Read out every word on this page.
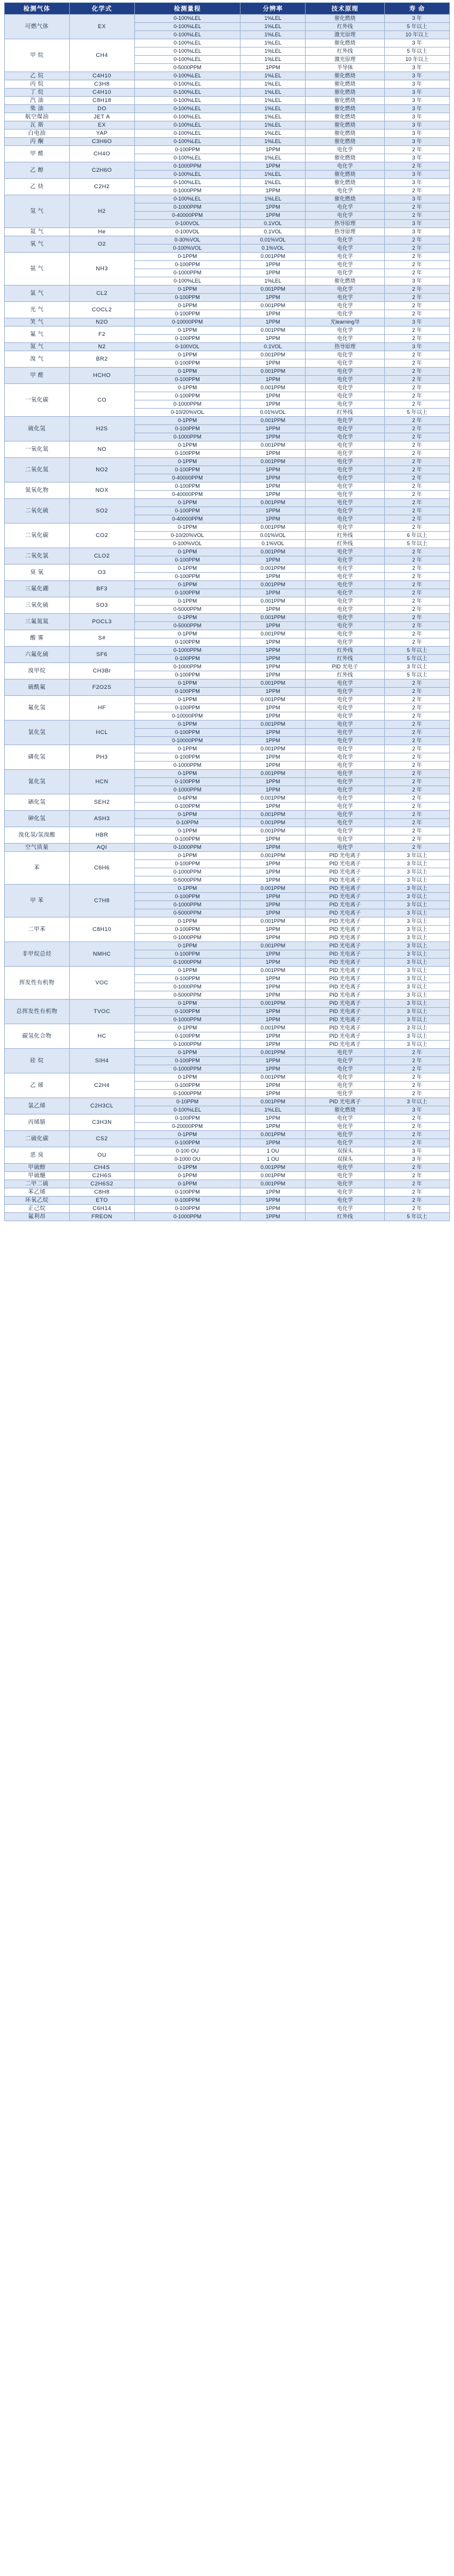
检测气体	化学式	检测量程	分辨率	技术原理	寿 命
可燃气体	EX	0-100%LEL	1%LEL	催化燃烧	3 年
		0-100%LEL	1%LEL	红外线	5 年以上
		0-100%LEL	1%LEL	激光原理	10 年以上
甲 烷	CH4	0-100%LEL	1%LEL	催化燃烧	3 年
		0-100%LEL	1%LEL	红外线	5 年以上
		0-100%LEL	1%LEL	激光原理	10 年以上
		0-5000PPM	1PPM	半导体	3 年
乙 烷	C4H10	0-100%LEL	1%LEL	催化燃烧	3 年
丙 烷	C3H8	0-100%LEL	1%LEL	催化燃烧	3 年
丁 烷	C4H10	0-100%LEL	1%LEL	催化燃烧	3 年
汽 油	C8H18	0-100%LEL	1%LEL	催化燃烧	3 年
柴 油	DO	0-100%LEL	1%LEL	催化燃烧	3 年
航空煤油	JET A	0-100%LEL	1%LEL	催化燃烧	3 年
瓦 斯	EX	0-100%LEL	1%LEL	催化燃烧	3 年
白电油	YAP	0-100%LEL	1%LEL	催化燃烧	3 年
丙 酮	C3H6O	0-100%LEL	1%LEL	催化燃烧	3 年
甲 醛	CH4O	0-100PPM	1PPM	电化学	2 年
		0-100%LEL	1%LEL	催化燃烧	3 年
乙 醇	C2H6O	0-1000PPM	1PPM	电化学	2 年
		0-100%LEL	1%LEL	催化燃烧	3 年
乙 炔	C2H2	0-100%LEL	1%LEL	催化燃烧	3 年
		0-1000PPM	1PPM	电化学	2 年
氢 气	H2	0-100%LEL	1%LEL	催化燃烧	3 年
		0-1000PPM	1PPM	电化学	2 年
		0-40000PPM	1PPM	电化学	2 年
		0-100VOL	0.1VOL	热导原理	3 年
氦 气	He	0-100VOL	0.1VOL	热导原理	3 年
氧 气	O2	0-30%VOL	0.01%VOL	电化学	2 年
		0-100%VOL	0.1%VOL	电化学	2 年
氨 气	NH3	0-1PPM	0.001PPM	电化学	2 年
		0-100PPM	1PPM	电化学	2 年
		0-1000PPM	1PPM	电化学	2 年
		0-100%LEL	1%LEL	催化燃烧	3 年
氯 气	CL2	0-1PPM	0.001PPM	电化学	2 年
		0-100PPM	1PPM	电化学	2 年
光 气	COCL2	0-1PPM	0.001PPM	电化学	2 年
		0-100PPM	1PPM	电化学	2 年
笑 气	N2O	0-10000PPM	1PPM	光learning导	3 年
氟 气	F2	0-1PPM	0.001PPM	电化学	2 年
		0-100PPM	1PPM	电化学	2 年
氮 气	N2	0-100VOL	0.1VOL	热导原理	3 年
溴 气	BR2	0-1PPM	0.001PPM	电化学	2 年
		0-100PPM	1PPM	电化学	2 年
甲 醛	HCHO	0-1PPM	0.001PPM	电化学	2 年
		0-100PPM	1PPM	电化学	2 年
一氧化碳	CO	0-1PPM	0.001PPM	电化学	2 年
		0-100PPM	1PPM	电化学	2 年
		0-1000PPM	1PPM	电化学	2 年
		0-10/20%VOL	0.01%VOL	红外线	5 年以上
硫化氢	H2S	0-1PPM	0.001PPM	电化学	2 年
		0-100PPM	1PPM	电化学	2 年
		0-1000PPM	1PPM	电化学	2 年
一氧化氮	NO	0-1PPM	0.001PPM	电化学	2 年
		0-100PPM	1PPM	电化学	2 年
二氧化氮	NO2	0-1PPM	0.001PPM	电化学	2 年
		0-100PPM	1PPM	电化学	2 年
		0-40000PPM	1PPM	电化学	2 年
氮氧化物	NOX	0-100PPM	1PPM	电化学	2 年
		0-40000PPM	1PPM	电化学	2 年
二氧化硫	SO2	0-1PPM	0.001PPM	电化学	2 年
		0-100PPM	1PPM	电化学	2 年
		0-40000PPM	1PPM	电化学	2 年
二氧化碳	CO2	0-1PPM	0.001PPM	电化学	2 年
		0-10/20%VOL	0.01%VOL	红外线	6 年以上
		0-100%VOL	0.1%VOL	红外线	5 年以上
二氧化氯	CLO2	0-1PPM	0.001PPM	电化学	2 年
		0-100PPM	1PPM	电化学	2 年
臭 氧	O3	0-1PPM	0.001PPM	电化学	2 年
		0-100PPM	1PPM	电化学	2 年
三氟化硼	BF3	0-1PPM	0.001PPM	电化学	2 年
		0-100PPM	1PPM	电化学	2 年
三氧化硫	SO3	0-1PPM	0.001PPM	电化学	2 年
		0-5000PPM	1PPM	电化学	2 年
三氟氮氮	POCL3	0-1PPM	0.001PPM	电化学	2 年
		0-5000PPM	1PPM	电化学	2 年
酸 雾	S#	0-1PPM	0.001PPM	电化学	2 年
		0-100PPM	1PPM	电化学	2 年
六氟化硫	SF6	0-1000PPM	1PPM	红外线	5 年以上
		0-100PPM	1PPM	红外线	5 年以上
溴甲烷	CH3Br	0-1000PPM	1PPM	PID 光电子	3 年以上
		0-100PPM	1PPM	红外线	5 年以上
硫酰氟	F2O2S	0-1PPM	0.001PPM	电化学	2 年
		0-100PPM	1PPM	电化学	2 年
氟化氢	HF	0-1PPM	0.001PPM	电化学	2 年
		0-100PPM	1PPM	电化学	2 年
		0-10000PPM	1PPM	电化学	2 年
氯化氢	HCL	0-1PPM	0.001PPM	电化学	2 年
		0-100PPM	1PPM	电化学	2 年
		0-10000PPM	1PPM	电化学	2 年
磷化氢	PH3	0-1PPM	0.001PPM	电化学	2 年
		0-100PPM	1PPM	电化学	2 年
		0-1000PPM	1PPM	电化学	2 年
氰化氢	HCN	0-1PPM	0.001PPM	电化学	2 年
		0-100PPM	1PPM	电化学	2 年
		0-1000PPM	1PPM	电化学	2 年
硒化氢	SEH2	0-6PPM	0.001PPM	电化学	2 年
		0-100PPM	1PPM	电化学	2 年
砷化氢	ASH3	0-1PPM	0.001PPM	电化学	2 年
		0-10PPM	0.001PPM	电化学	2 年
溴化氢/氢溴酸	HBR	0-1PPM	0.001PPM	电化学	2 年
		0-100PPM	1PPM	电化学	2 年
空气质量	AQI	0-1000PPM	1PPM	电化学	2 年
苯	C6H6	0-1PPM	0.001PPM	PID 光电离子	3 年以上
		0-100PPM	1PPM	PID 光电离子	3 年以上
		0-1000PPM	1PPM	PID 光电离子	3 年以上
		0-5000PPM	1PPM	PID 光电离子	3 年以上
甲 苯	C7H8	0-1PPM	0.001PPM	PID 光电离子	3 年以上
		0-100PPM	1PPM	PID 光电离子	3 年以上
		0-1000PPM	1PPM	PID 光电离子	3 年以上
		0-5000PPM	1PPM	PID 光电离子	3 年以上
二甲苯	C8H10	0-1PPM	0.001PPM	PID 光电离子	3 年以上
		0-100PPM	1PPM	PID 光电离子	3 年以上
		0-1000PPM	1PPM	PID 光电离子	3 年以上
非甲烷总烃	NMHC	0-1PPM	0.001PPM	PID 光电离子	3 年以上
		0-100PPM	1PPM	PID 光电离子	3 年以上
		0-1000PPM	1PPM	PID 光电离子	3 年以上
挥发性有机物	VOC	0-1PPM	0.001PPM	PID 光电离子	3 年以上
		0-100PPM	1PPM	PID 光电离子	3 年以上
		0-1000PPM	1PPM	PID 光电离子	3 年以上
		0-5000PPM	1PPM	PID 光电离子	3 年以上
总挥发性有机物	TVOC	0-1PPM	0.001PPM	PID 光电离子	3 年以上
		0-100PPM	1PPM	PID 光电离子	3 年以上
		0-1000PPM	1PPM	PID 光电离子	3 年以上
碳氢化合物	HC	0-1PPM	0.001PPM	PID 光电离子	3 年以上
		0-100PPM	1PPM	PID 光电离子	3 年以上
		0-1000PPM	1PPM	PID 光电离子	3 年以上
硅 烷	SIH4	0-1PPM	0.001PPM	电化学	2 年
		0-100PPM	1PPM	电化学	2 年
		0-1000PPM	1PPM	电化学	2 年
乙 烯	C2H4	0-1PPM	0.001PPM	电化学	2 年
		0-100PPM	1PPM	电化学	2 年
		0-1000PPM	1PPM	电化学	2 年
氯乙烯	C2H3CL	0-10PPM	0.001PPM	PID 光电离子	3 年以上
		0-100%LEL	1%LEL	催化燃烧	3 年
丙烯腈	C3H3N	0-100PPM	1PPM	电化学	2 年
		0-20000PPM	1PPM	电化学	2 年
二硫化碳	CS2	0-1PPM	0.001PPM	电化学	2 年
		0-100PPM	1PPM	电化学	2 年
恶 臭	OU	0-100 OU	1 OU	双探头	3 年
		0-1000 OU	1 OU	双探头	3 年
甲硫醇	CH4S	0-1PPM	0.001PPM	电化学	2 年
甲硫醚	C2H6S	0-1PPM	0.001PPM	电化学	2 年
二甲二硫	C2H6S2	0-1PPM	0.001PPM	电化学	2 年
苯乙烯	C8H8	0-100PPM	1PPM	电化学	2 年
环氧乙烷	ETO	0-100PPM	1PPM	电化学	2 年
正己烷	C6H14	0-100PPM	1PPM	电化学	2 年
氟利昂	FREON	0-1000PPM	1PPM	红外线	5 年以上
